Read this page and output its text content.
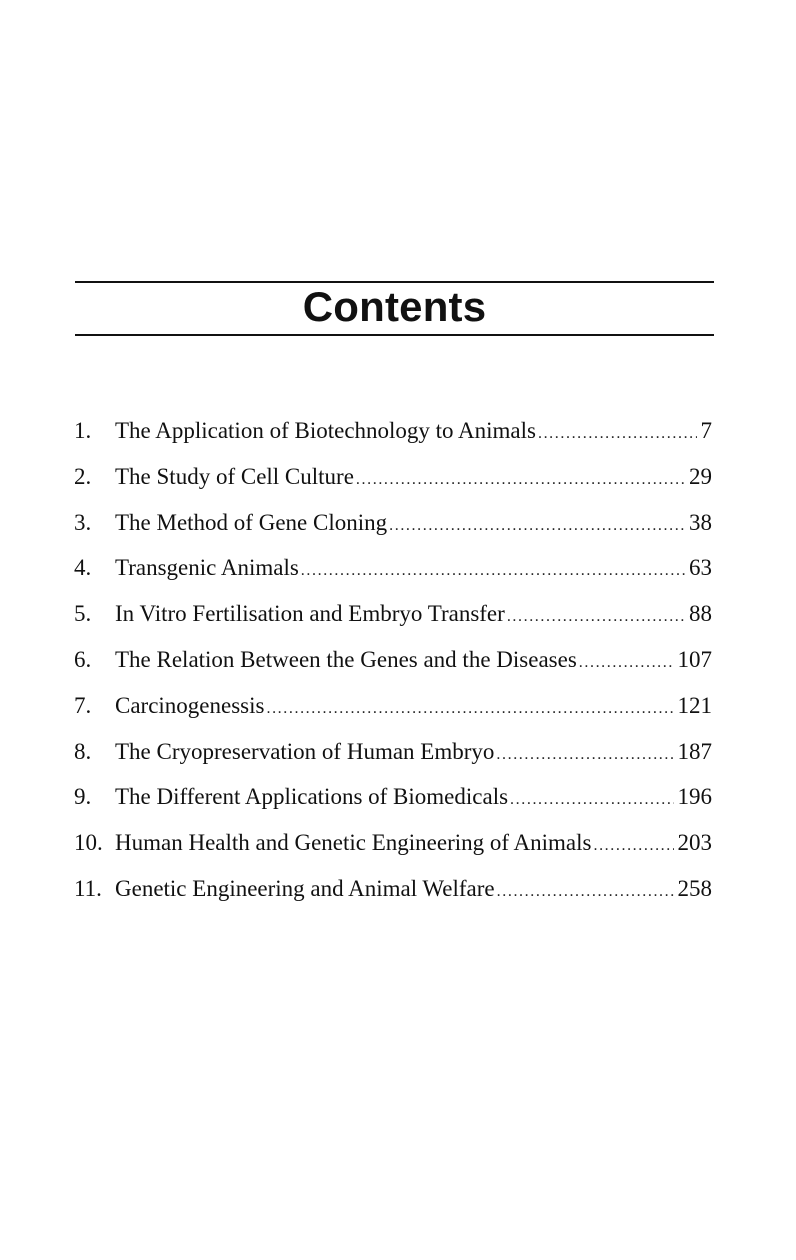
Contents
1.	The Application of Biotechnology to Animals .....	7
2.	The Study of Cell Culture .....	29
3.	The Method of Gene Cloning .....	38
4.	Transgenic Animals .....	63
5.	In Vitro Fertilisation and Embryo Transfer .....	88
6.	The Relation Between the Genes and the Diseases .....	107
7.	Carcinogenessis .....	121
8.	The Cryopreservation of Human Embryo .....	187
9.	The Different Applications of Biomedicals .....	196
10. Human Health and Genetic Engineering of Animals .....	203
11. Genetic Engineering and Animal Welfare .....	258
